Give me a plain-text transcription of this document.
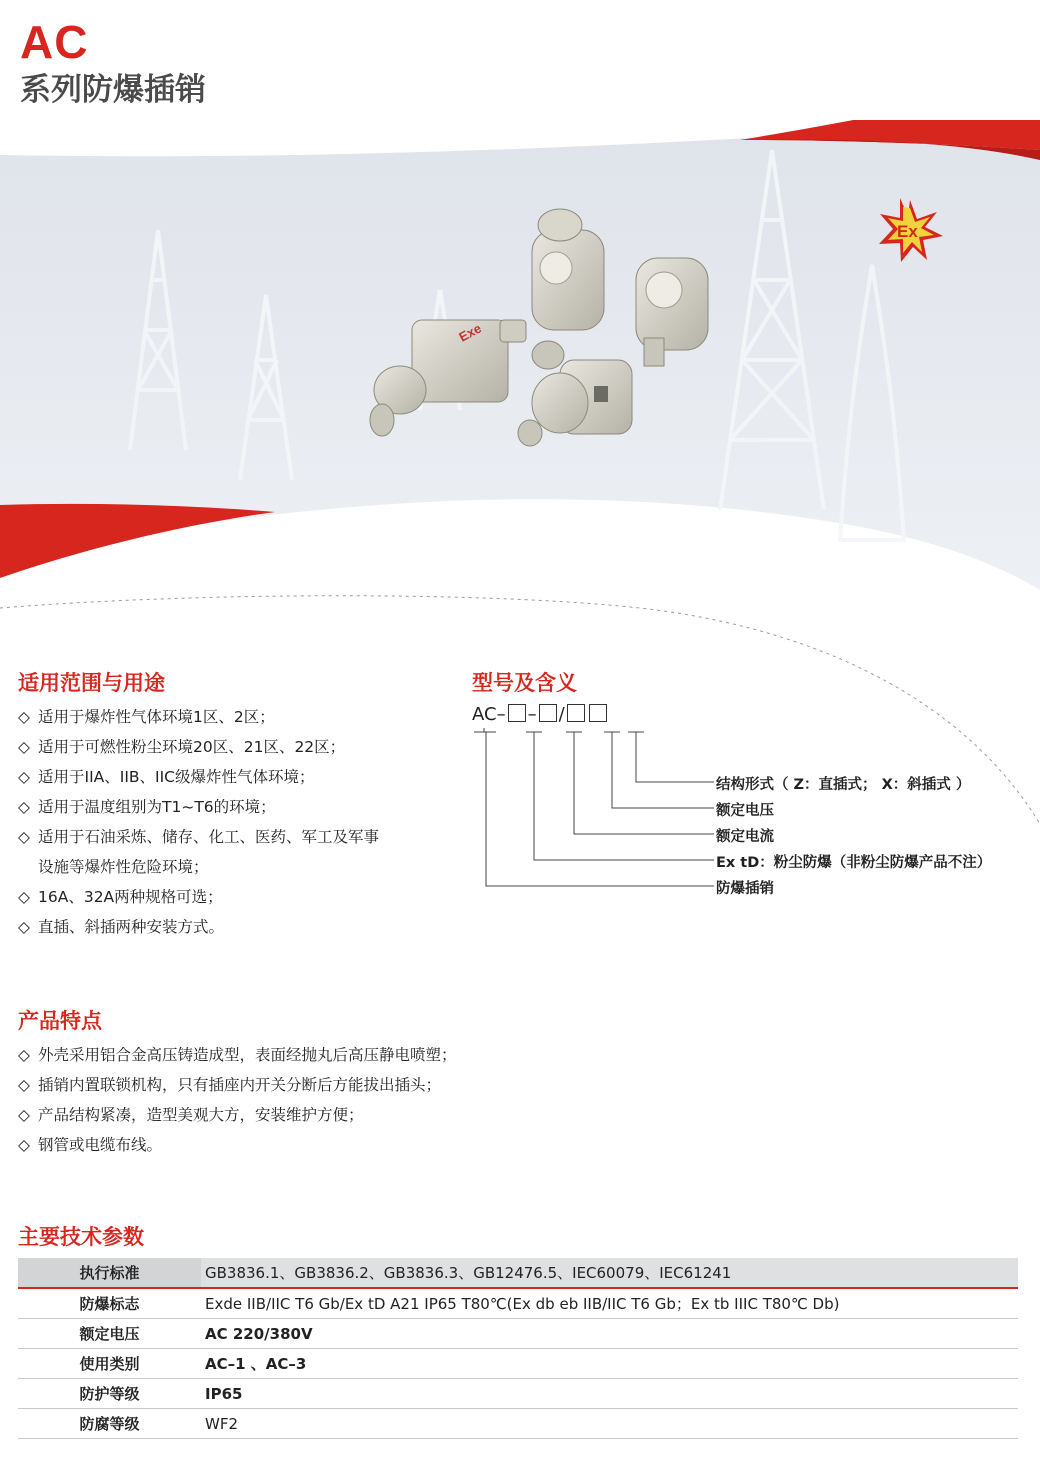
AC
系列防爆插销
Ex
Exe
适用范围与用途
◇ 适用于爆炸性气体环境1区、2区；
◇ 适用于可燃性粉尘环境20区、21区、22区；
◇ 适用于IIA、IIB、IIC级爆炸性气体环境；
◇ 适用于温度组别为T1~T6的环境；
◇ 适用于石油采炼、储存、化工、医药、军工及军事
设施等爆炸性危险环境；
◇ 16A、32A两种规格可选；
◇ 直插、斜插两种安装方式。
型号及含义
AC– – /
结构形式（ Z：直插式； X：斜插式 ）
额定电压
额定电流
Ex tD：粉尘防爆（非粉尘防爆产品不注）
防爆插销
产品特点
◇ 外壳采用铝合金高压铸造成型，表面经抛丸后高压静电喷塑；
◇ 插销内置联锁机构，只有插座内开关分断后方能拔出插头；
◇ 产品结构紧凑，造型美观大方，安装维护方便；
◇ 钢管或电缆布线。
主要技术参数
执行标准	GB3836.1、GB3836.2、GB3836.3、GB12476.5、IEC60079、IEC61241
防爆标志	Exde IIB/IIC T6 Gb/Ex tD A21 IP65 T80℃(Ex db eb IIB/IIC T6 Gb；Ex tb IIIC T80℃ Db)
额定电压	AC 220/380V
使用类别	AC–1 、AC–3
防护等级	IP65
防腐等级	WF2
